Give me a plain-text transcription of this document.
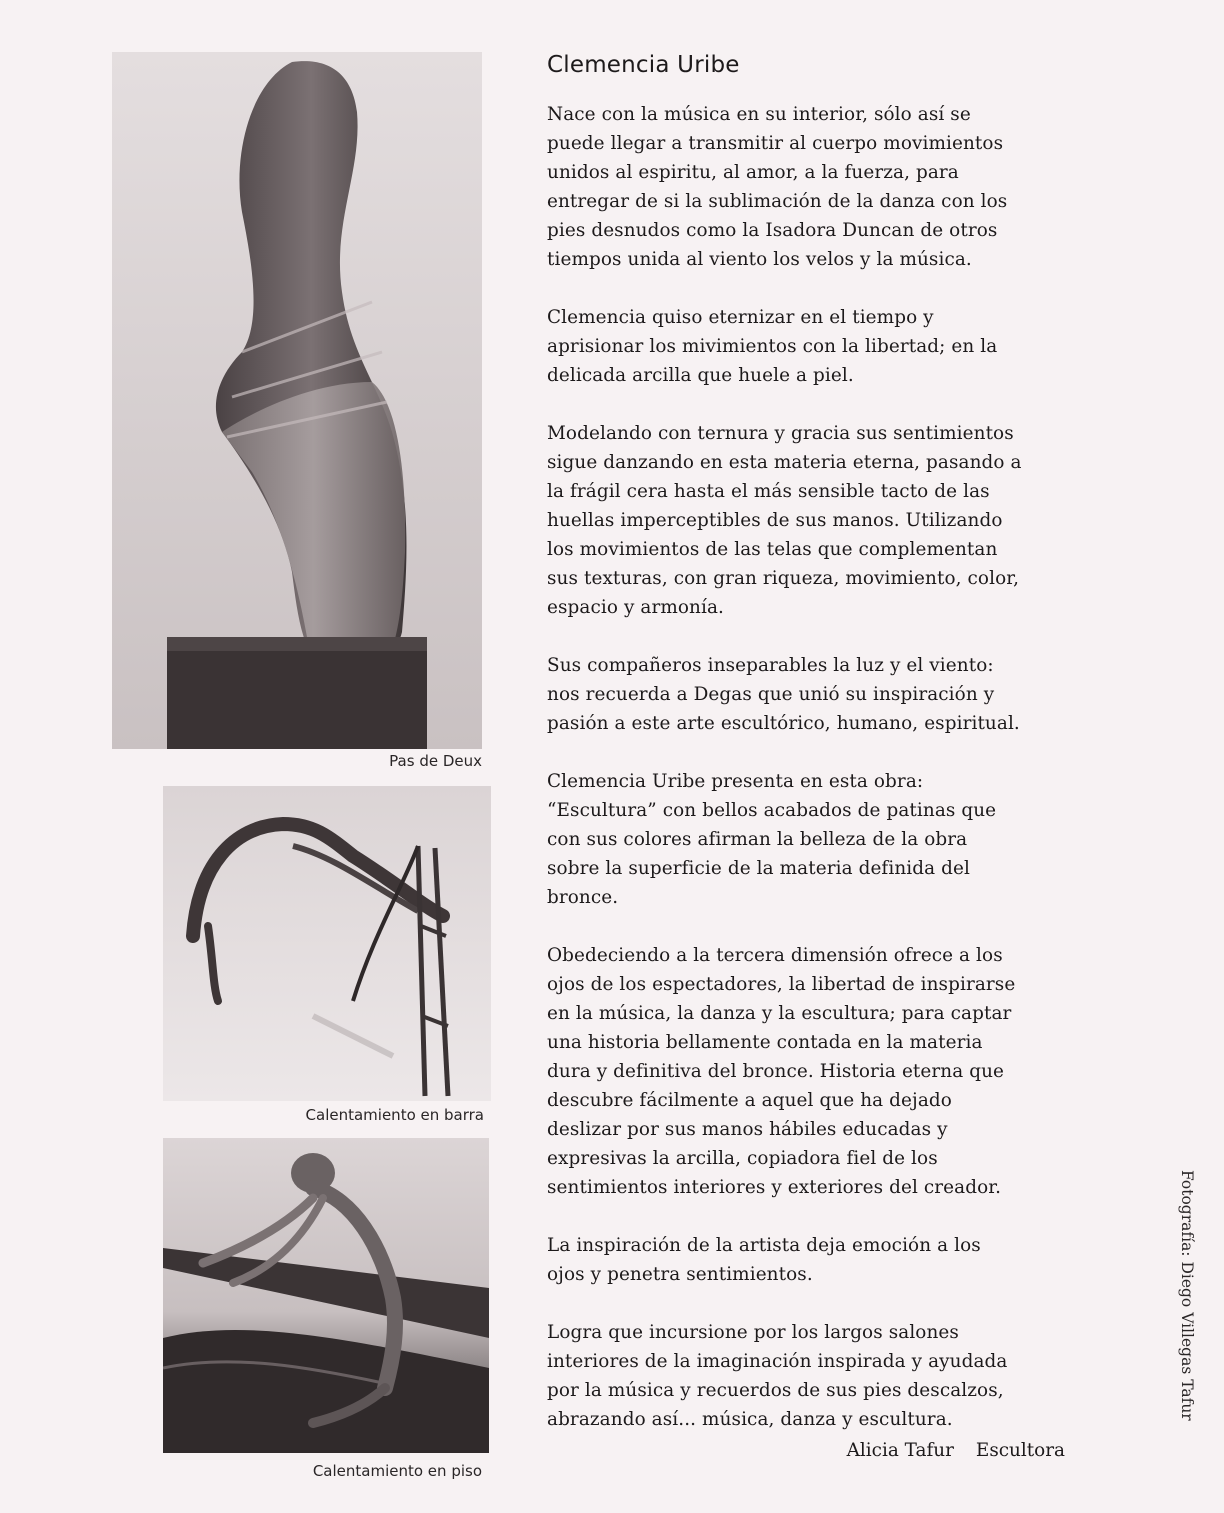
Pas de Deux
Calentamiento en barra
Calentamiento en piso
Clemencia Uribe

Nace con la música en su interior, sólo así se
puede llegar a transmitir al cuerpo movimientos
unidos al espiritu, al amor, a la fuerza, para
entregar de si la sublimación de la danza con los
pies desnudos como la Isadora Duncan de otros
tiempos unida al viento los velos y la música.

Clemencia quiso eternizar en el tiempo y
aprisionar los mivimientos con la libertad; en la
delicada arcilla que huele a piel.

Modelando con ternura y gracia sus sentimientos
sigue danzando en esta materia eterna, pasando a
la frágil cera hasta el más sensible tacto de las
huellas imperceptibles de sus manos. Utilizando
los movimientos de las telas que complementan
sus texturas, con gran riqueza, movimiento, color,
espacio y armonía.

Sus compañeros inseparables la luz y el viento:
nos recuerda a Degas que unió su inspiración y
pasión a este arte escultórico, humano, espiritual.

Clemencia Uribe presenta en esta obra:
“Escultura” con bellos acabados de patinas que
con sus colores afirman la belleza de la obra
sobre la superficie de la materia definida del
bronce.

Obedeciendo a la tercera dimensión ofrece a los
ojos de los espectadores, la libertad de inspirarse
en la música, la danza y la escultura; para captar
una historia bellamente contada en la materia
dura y definitiva del bronce. Historia eterna que
descubre fácilmente a aquel que ha dejado
deslizar por sus manos hábiles educadas y
expresivas la arcilla, copiadora fiel de los
sentimientos interiores y exteriores del creador.

La inspiración de la artista deja emoción a los
ojos y penetra sentimientos.

Logra que incursione por los largos salones
interiores de la imaginación inspirada y ayudada
por la música y recuerdos de sus pies descalzos,
abrazando así... música, danza y escultura.

Alicia Tafur Escultora
Fotografía: Diego Villegas Tafur
